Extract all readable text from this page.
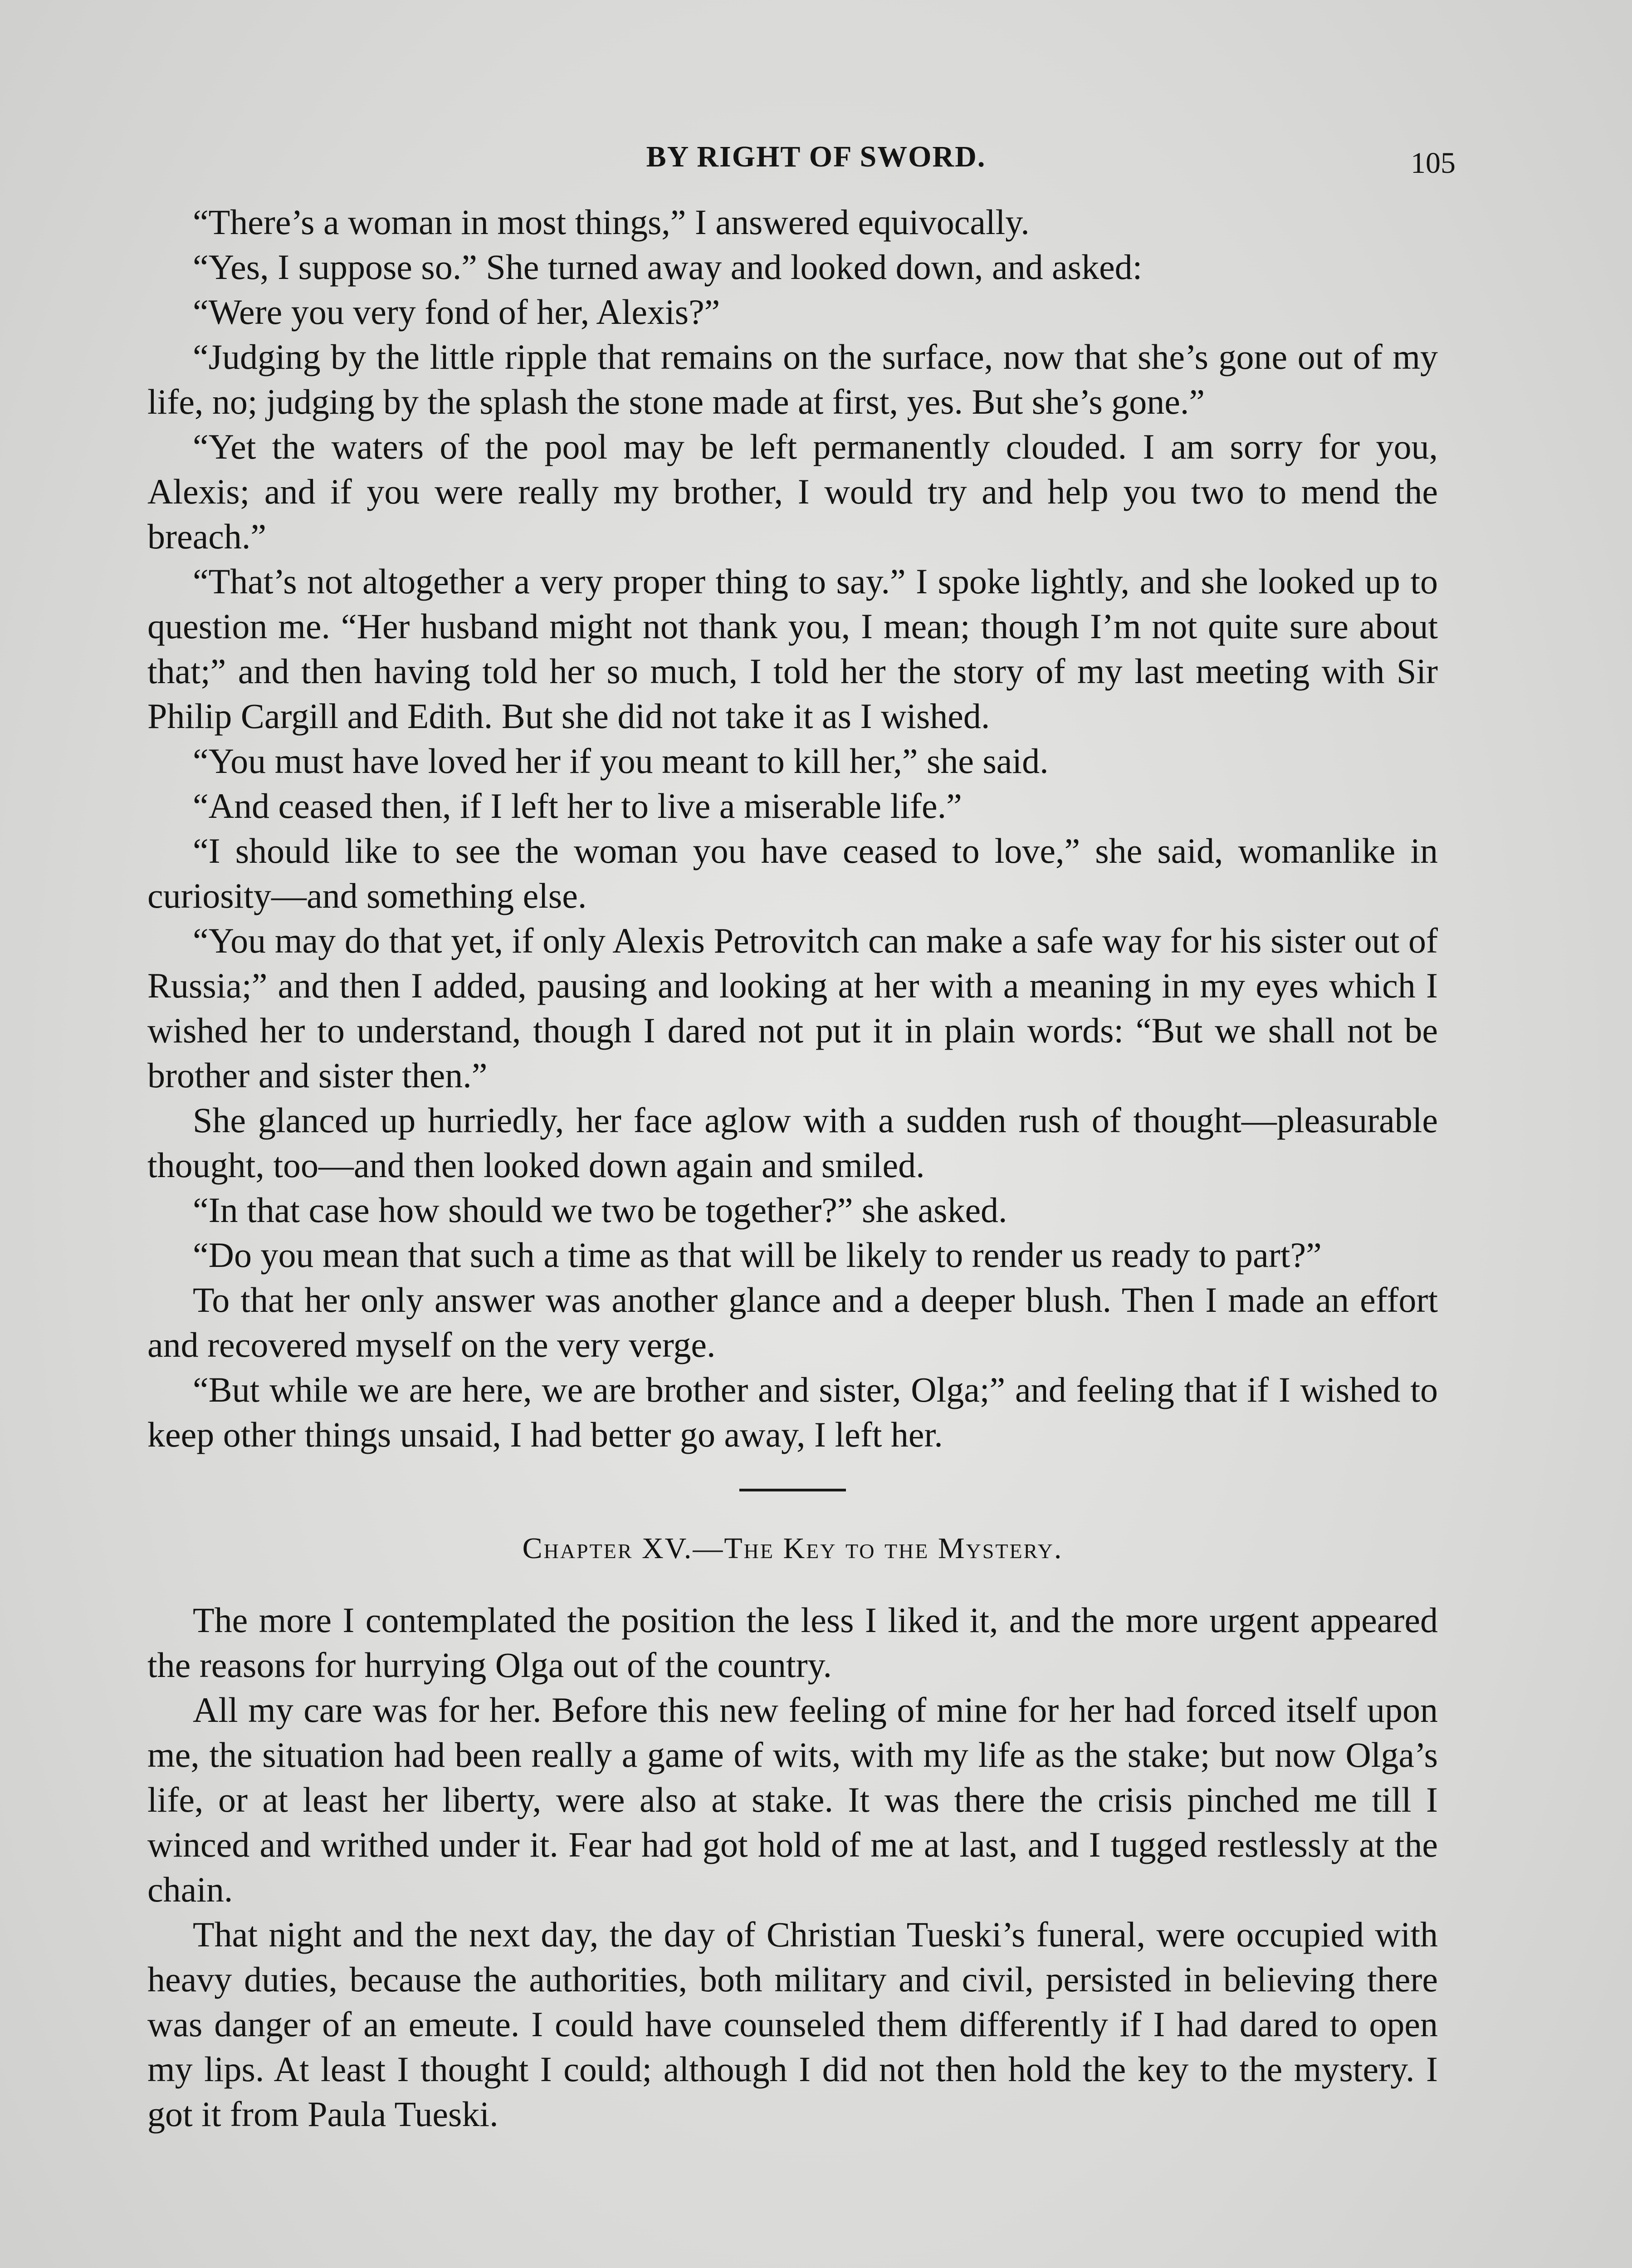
BY RIGHT OF SWORD.	105

“There’s a woman in most things,” I answered equivocally.

“Yes, I suppose so.” She turned away and looked down, and asked:

“Were you very fond of her, Alexis?”

“Judging by the little ripple that remains on the surface, now that she’s gone out of my life, no; judging by the splash the stone made at first, yes. But she’s gone.”

“Yet the waters of the pool may be left permanently clouded. I am sorry for you, Alexis; and if you were really my brother, I would try and help you two to mend the breach.”

“That’s not altogether a very proper thing to say.” I spoke lightly, and she looked up to question me. “Her husband might not thank you, I mean; though I’m not quite sure about that;” and then having told her so much, I told her the story of my last meeting with Sir Philip Cargill and Edith. But she did not take it as I wished.

“You must have loved her if you meant to kill her,” she said.

“And ceased then, if I left her to live a miserable life.”

“I should like to see the woman you have ceased to love,” she said, womanlike in curiosity—and something else.

“You may do that yet, if only Alexis Petrovitch can make a safe way for his sister out of Russia;” and then I added, pausing and looking at her with a meaning in my eyes which I wished her to understand, though I dared not put it in plain words: “But we shall not be brother and sister then.”

She glanced up hurriedly, her face aglow with a sudden rush of thought—pleasurable thought, too—and then looked down again and smiled.

“In that case how should we two be together?” she asked.

“Do you mean that such a time as that will be likely to render us ready to part?”

To that her only answer was another glance and a deeper blush. Then I made an effort and recovered myself on the very verge.

“But while we are here, we are brother and sister, Olga;” and feeling that if I wished to keep other things unsaid, I had better go away, I left her.

Chapter XV.—The Key to the Mystery.

The more I contemplated the position the less I liked it, and the more urgent appeared the reasons for hurrying Olga out of the country.

All my care was for her. Before this new feeling of mine for her had forced itself upon me, the situation had been really a game of wits, with my life as the stake; but now Olga’s life, or at least her liberty, were also at stake. It was there the crisis pinched me till I winced and writhed under it. Fear had got hold of me at last, and I tugged restlessly at the chain.

That night and the next day, the day of Christian Tueski’s funeral, were occupied with heavy duties, because the authorities, both military and civil, persisted in believing there was danger of an emeute. I could have counseled them differently if I had dared to open my lips. At least I thought I could; although I did not then hold the key to the mystery. I got it from Paula Tueski.
